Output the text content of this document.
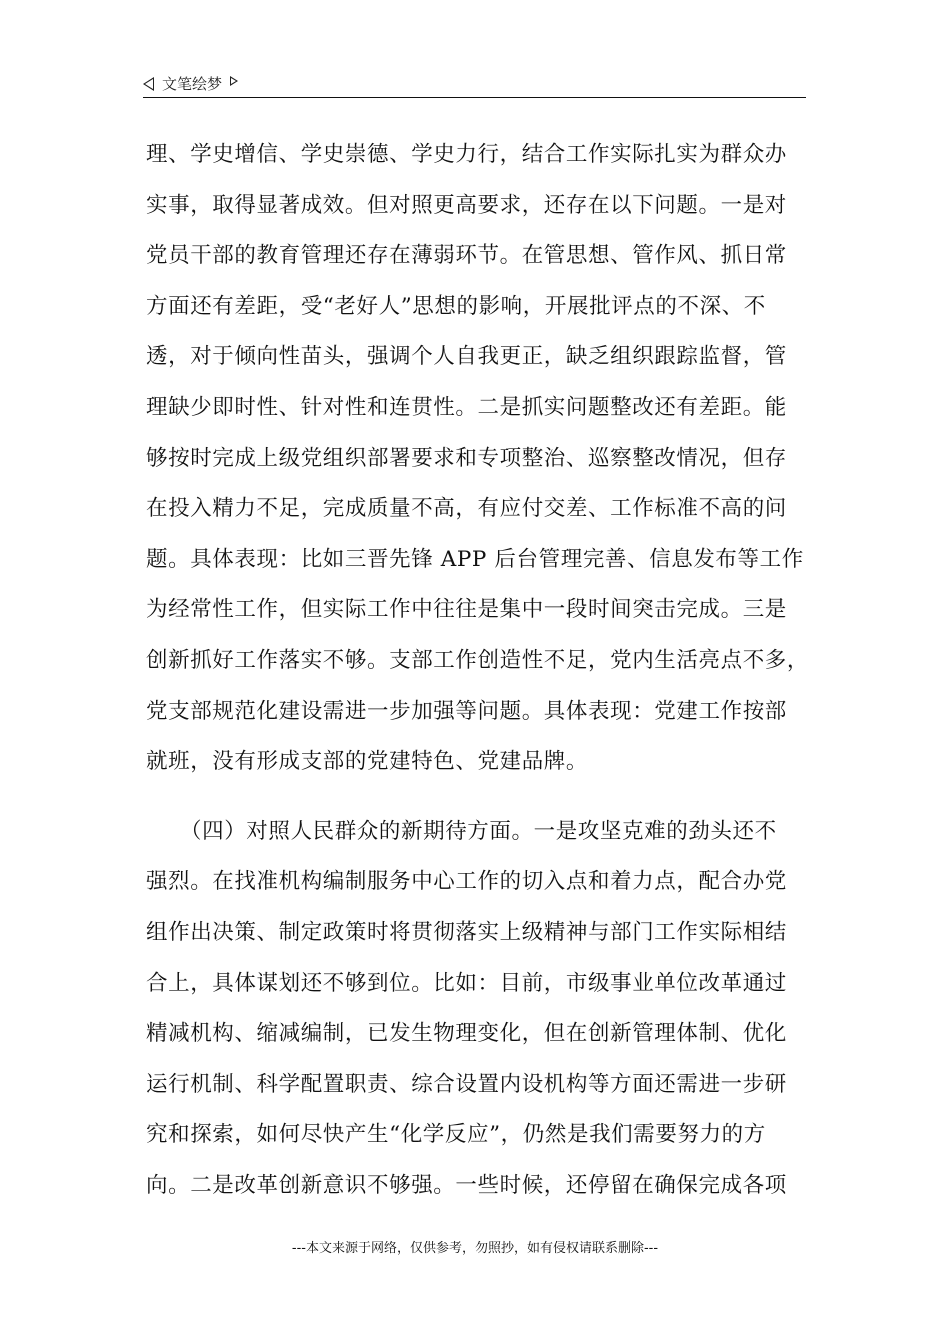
文笔绘梦
理、学史增信、学史崇德、学史力行，结合工作实际扎实为群众办
实事，取得显著成效。但对照更高要求，还存在以下问题。一是对
党员干部的教育管理还存在薄弱环节。在管思想、管作风、抓日常
方面还有差距，受“老好人”思想的影响，开展批评点的不深、不
透，对于倾向性苗头，强调个人自我更正，缺乏组织跟踪监督，管
理缺少即时性、针对性和连贯性。二是抓实问题整改还有差距。能
够按时完成上级党组织部署要求和专项整治、巡察整改情况，但存
在投入精力不足，完成质量不高，有应付交差、工作标准不高的问
题。具体表现：比如三晋先锋 APP 后台管理完善、信息发布等工作
为经常性工作，但实际工作中往往是集中一段时间突击完成。三是
创新抓好工作落实不够。支部工作创造性不足，党内生活亮点不多，
党支部规范化建设需进一步加强等问题。具体表现：党建工作按部
就班，没有形成支部的党建特色、党建品牌。
（四）对照人民群众的新期待方面。一是攻坚克难的劲头还不
强烈。在找准机构编制服务中心工作的切入点和着力点，配合办党
组作出决策、制定政策时将贯彻落实上级精神与部门工作实际相结
合上，具体谋划还不够到位。比如：目前，市级事业单位改革通过
精减机构、缩减编制，已发生物理变化，但在创新管理体制、优化
运行机制、科学配置职责、综合设置内设机构等方面还需进一步研
究和探索，如何尽快产生“化学反应”，仍然是我们需要努力的方
向。二是改革创新意识不够强。一些时候，还停留在确保完成各项
---本文来源于网络，仅供参考，勿照抄，如有侵权请联系删除---
